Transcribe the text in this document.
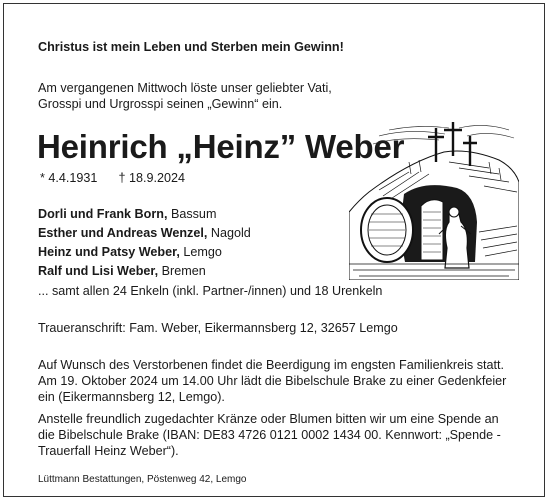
Christus ist mein Leben und Sterben mein Gewinn!
Am vergangenen Mittwoch löste unser geliebter Vati,
Grosspi und Urgrosspi seinen „Gewinn“ ein.
Heinrich „Heinz” Weber
* 4.4.1931 † 18.9.2024
Dorli und Frank Born, Bassum
Esther und Andreas Wenzel, Nagold
Heinz und Patsy Weber, Lemgo
Ralf und Lisi Weber, Bremen
... samt allen 24 Enkeln (inkl. Partner-/innen) und 18 Urenkeln
Traueranschrift: Fam. Weber, Eikermannsberg 12, 32657 Lemgo
Auf Wunsch des Verstorbenen findet die Beerdigung im engsten Familienkreis statt.
Am 19. Oktober 2024 um 14.00 Uhr lädt die Bibelschule Brake zu einer Gedenkfeier
ein (Eikermannsberg 12, Lemgo).
Anstelle freundlich zugedachter Kränze oder Blumen bitten wir um eine Spende an
die Bibelschule Brake (IBAN: DE83 4726 0121 0002 1434 00. Kennwort: „Spende -
Trauerfall Heinz Weber“).
Lüttmann Bestattungen, Pöstenweg 42, Lemgo
